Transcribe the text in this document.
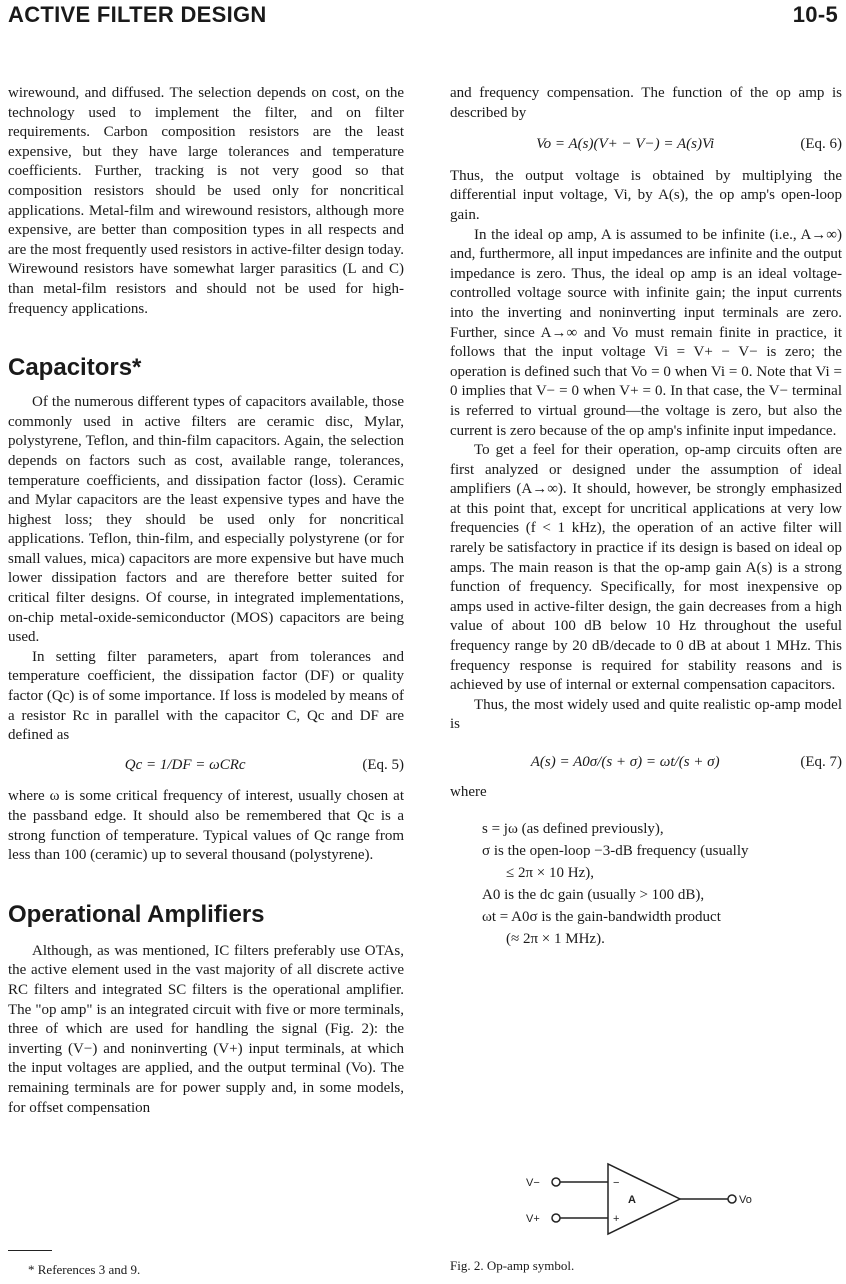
ACTIVE FILTER DESIGN	10-5

wirewound, and diffused. The selection depends on cost, on the technology used to implement the filter, and on filter requirements. Carbon composition resistors are the least expensive, but they have large tolerances and temperature coefficients. Further, tracking is not very good so that composition resistors should be used only for noncritical applications. Metal-film and wirewound resistors, although more expensive, are better than composition types in all respects and are the most frequently used resistors in active-filter design today. Wirewound resistors have somewhat larger parasitics (L and C) than metal-film resistors and should not be used for high-frequency applications.

Capacitors*

Of the numerous different types of capacitors available, those commonly used in active filters are ceramic disc, Mylar, polystyrene, Teflon, and thin-film capacitors. Again, the selection depends on factors such as cost, available range, tolerances, temperature coefficients, and dissipation factor (loss). Ceramic and Mylar capacitors are the least expensive types and have the highest loss; they should be used only for noncritical applications. Teflon, thin-film, and especially polystyrene (or for small values, mica) capacitors are more expensive but have much lower dissipation factors and are therefore better suited for critical filter designs. Of course, in integrated implementations, on-chip metal-oxide-semiconductor (MOS) capacitors are being used.

In setting filter parameters, apart from tolerances and temperature coefficient, the dissipation factor (DF) or quality factor (Qc) is of some importance. If loss is modeled by means of a resistor Rc in parallel with the capacitor C, Qc and DF are defined as

Qc = 1/DF = ωCRc	(Eq. 5)

where ω is some critical frequency of interest, usually chosen at the passband edge. It should also be remembered that Qc is a strong function of temperature. Typical values of Qc range from less than 100 (ceramic) up to several thousand (polystyrene).

Operational Amplifiers

Although, as was mentioned, IC filters preferably use OTAs, the active element used in the vast majority of all discrete active RC filters and integrated SC filters is the operational amplifier. The "op amp" is an integrated circuit with five or more terminals, three of which are used for handling the signal (Fig. 2): the inverting (V−) and noninverting (V+) input terminals, at which the input voltages are applied, and the output terminal (Vo). The remaining terminals are for power supply and, in some models, for offset compensation

and frequency compensation. The function of the op amp is described by

Vo = A(s)(V+ − V−) = A(s)Vi	(Eq. 6)

Thus, the output voltage is obtained by multiplying the differential input voltage, Vi, by A(s), the op amp's open-loop gain.

In the ideal op amp, A is assumed to be infinite (i.e., A→∞) and, furthermore, all input impedances are infinite and the output impedance is zero. Thus, the ideal op amp is an ideal voltage-controlled voltage source with infinite gain; the input currents into the inverting and noninverting input terminals are zero. Further, since A→∞ and Vo must remain finite in practice, it follows that the input voltage Vi = V+ − V− is zero; the operation is defined such that Vo = 0 when Vi = 0. Note that Vi = 0 implies that V− = 0 when V+ = 0. In that case, the V− terminal is referred to virtual ground—the voltage is zero, but also the current is zero because of the op amp's infinite input impedance.

To get a feel for their operation, op-amp circuits often are first analyzed or designed under the assumption of ideal amplifiers (A→∞). It should, however, be strongly emphasized at this point that, except for uncritical applications at very low frequencies (f < 1 kHz), the operation of an active filter will rarely be satisfactory in practice if its design is based on ideal op amps. The main reason is that the op-amp gain A(s) is a strong function of frequency. Specifically, for most inexpensive op amps used in active-filter design, the gain decreases from a high value of about 100 dB below 10 Hz throughout the useful frequency range by 20 dB/decade to 0 dB at about 1 MHz. This frequency response is required for stability reasons and is achieved by use of internal or external compensation capacitors.

Thus, the most widely used and quite realistic op-amp model is

A(s) = A0σ/(s + σ) = ωt/(s + σ)	(Eq. 7)

where

s = jω (as defined previously),
σ is the open-loop −3-dB frequency (usually
≤ 2π × 10 Hz),
A0 is the dc gain (usually > 100 dB),
ωt = A0σ is the gain-bandwidth product
(≈ 2π × 1 MHz).
V−
V+
−
+
A	Vo
Fig. 2. Op-amp symbol.
* References 3 and 9.
